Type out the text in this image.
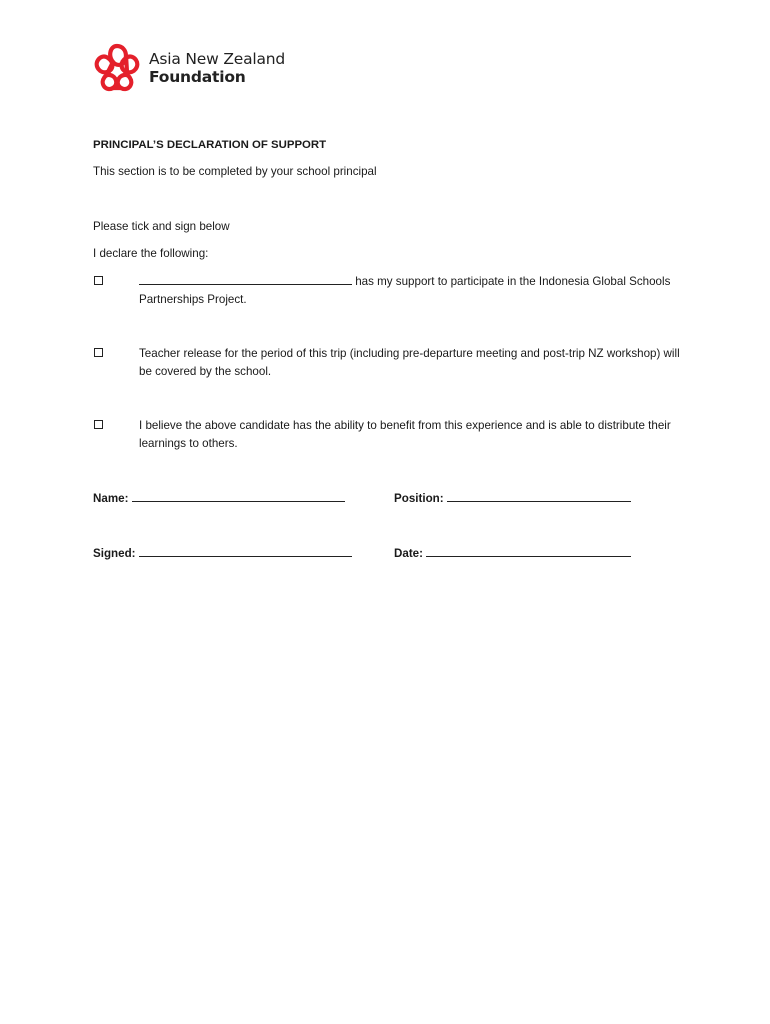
Asia New Zealand
Foundation
PRINCIPAL’S DECLARATION OF SUPPORT
This section is to be completed by your school principal
Please tick and sign below
I declare the following:
has my support to participate in the Indonesia Global Schools Partnerships Project.
Teacher release for the period of this trip (including pre-departure meeting and post-trip NZ workshop) will be covered by the school.
I believe the above candidate has the ability to benefit from this experience and is able to distribute their learnings to others.
Name:	Position:
Signed:	Date:
